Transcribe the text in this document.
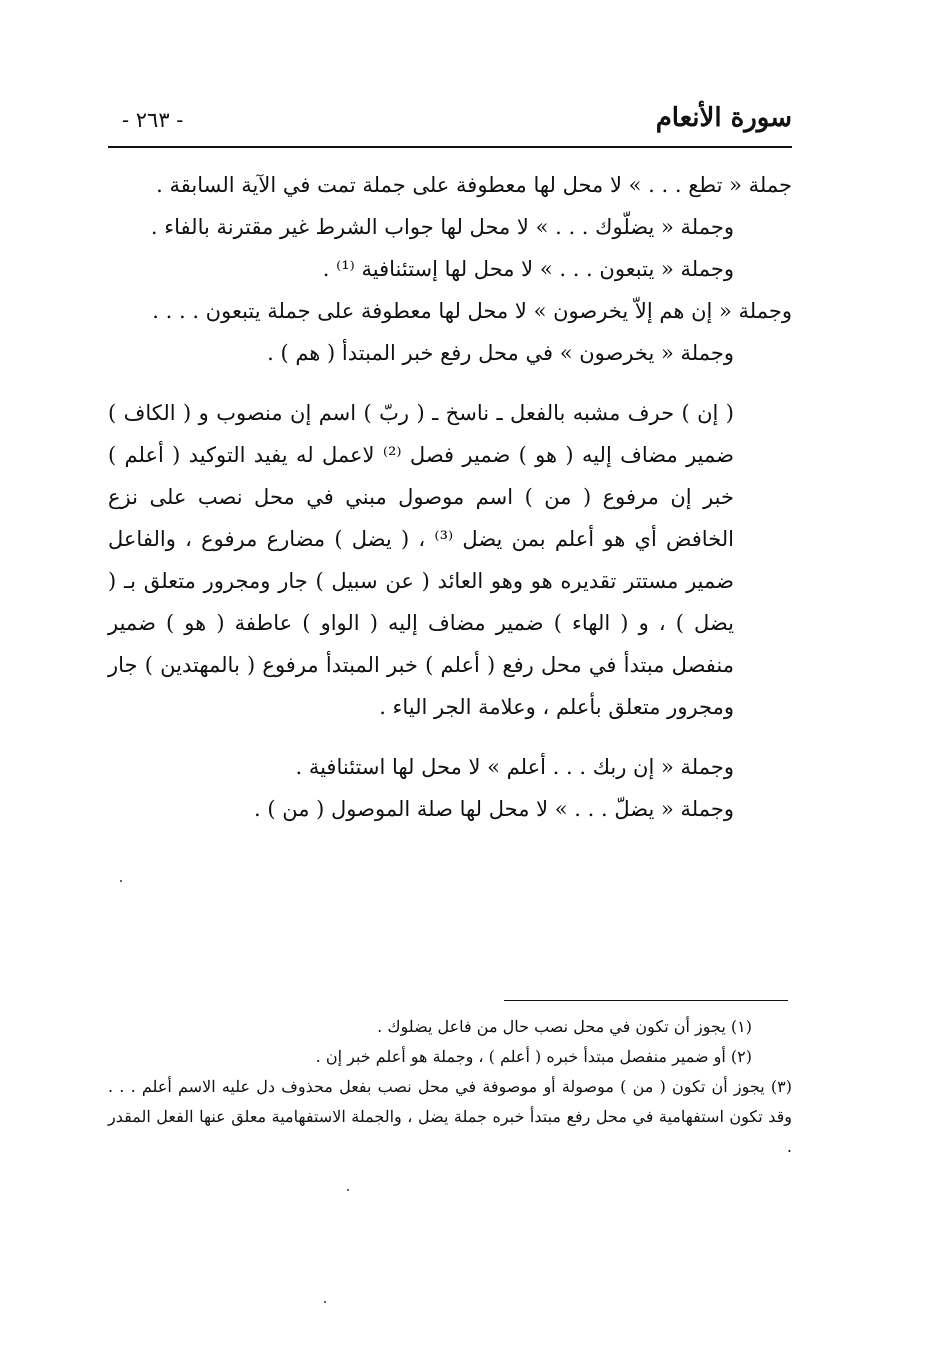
سورة الأنعام
- ٢٦٣ -

جملة « تطع . . . » لا محل لها معطوفة على جملة تمت في الآية السابقة .

وجملة « يضلّوك . . . » لا محل لها جواب الشرط غير مقترنة بالفاء .

وجملة « يتبعون . . . » لا محل لها إستئنافية ⁽¹⁾ .

وجملة « إن هم إلاّ يخرصون » لا محل لها معطوفة على جملة يتبعون . . . .

وجملة « يخرصون » في محل رفع خبر المبتدأ ( هم ) .

( إن ) حرف مشبه بالفعل ـ ناسخ ـ ( ربّ ) اسم إن منصوب و ( الكاف ) ضمير مضاف إليه ( هو ) ضمير فصل ⁽²⁾ لاعمل له يفيد التوكيد ( أعلم ) خبر إن مرفوع ( من ) اسم موصول مبني في محل نصب على نزع الخافض أي هو أعلم بمن يضل ⁽³⁾ ، ( يضل ) مضارع مرفوع ، والفاعل ضمير مستتر تقديره هو وهو العائد ( عن سبيل ) جار ومجرور متعلق بـ ( يضل ) ، و ( الهاء ) ضمير مضاف إليه ( الواو ) عاطفة ( هو ) ضمير منفصل مبتدأ في محل رفع ( أعلم ) خبر المبتدأ مرفوع ( بالمهتدين ) جار ومجرور متعلق بأعلم ، وعلامة الجر الياء .

وجملة « إن ربك . . . أعلم » لا محل لها استئنافية .

وجملة « يضلّ . . . » لا محل لها صلة الموصول ( من ) .

(١) يجوز أن تكون في محل نصب حال من فاعل يضلوك .

(٢) أو ضمير منفصل مبتدأ خبره ( أعلم ) ، وجملة هو أعلم خبر إن .

(٣) يجوز أن تكون ( من ) موصولة أو موصوفة في محل نصب بفعل محذوف دل عليه الاسم أعلم . . . وقد تكون استفهامية في محل رفع مبتدأ خبره جملة يضل ، والجملة الاستفهامية معلق عنها الفعل المقدر .
